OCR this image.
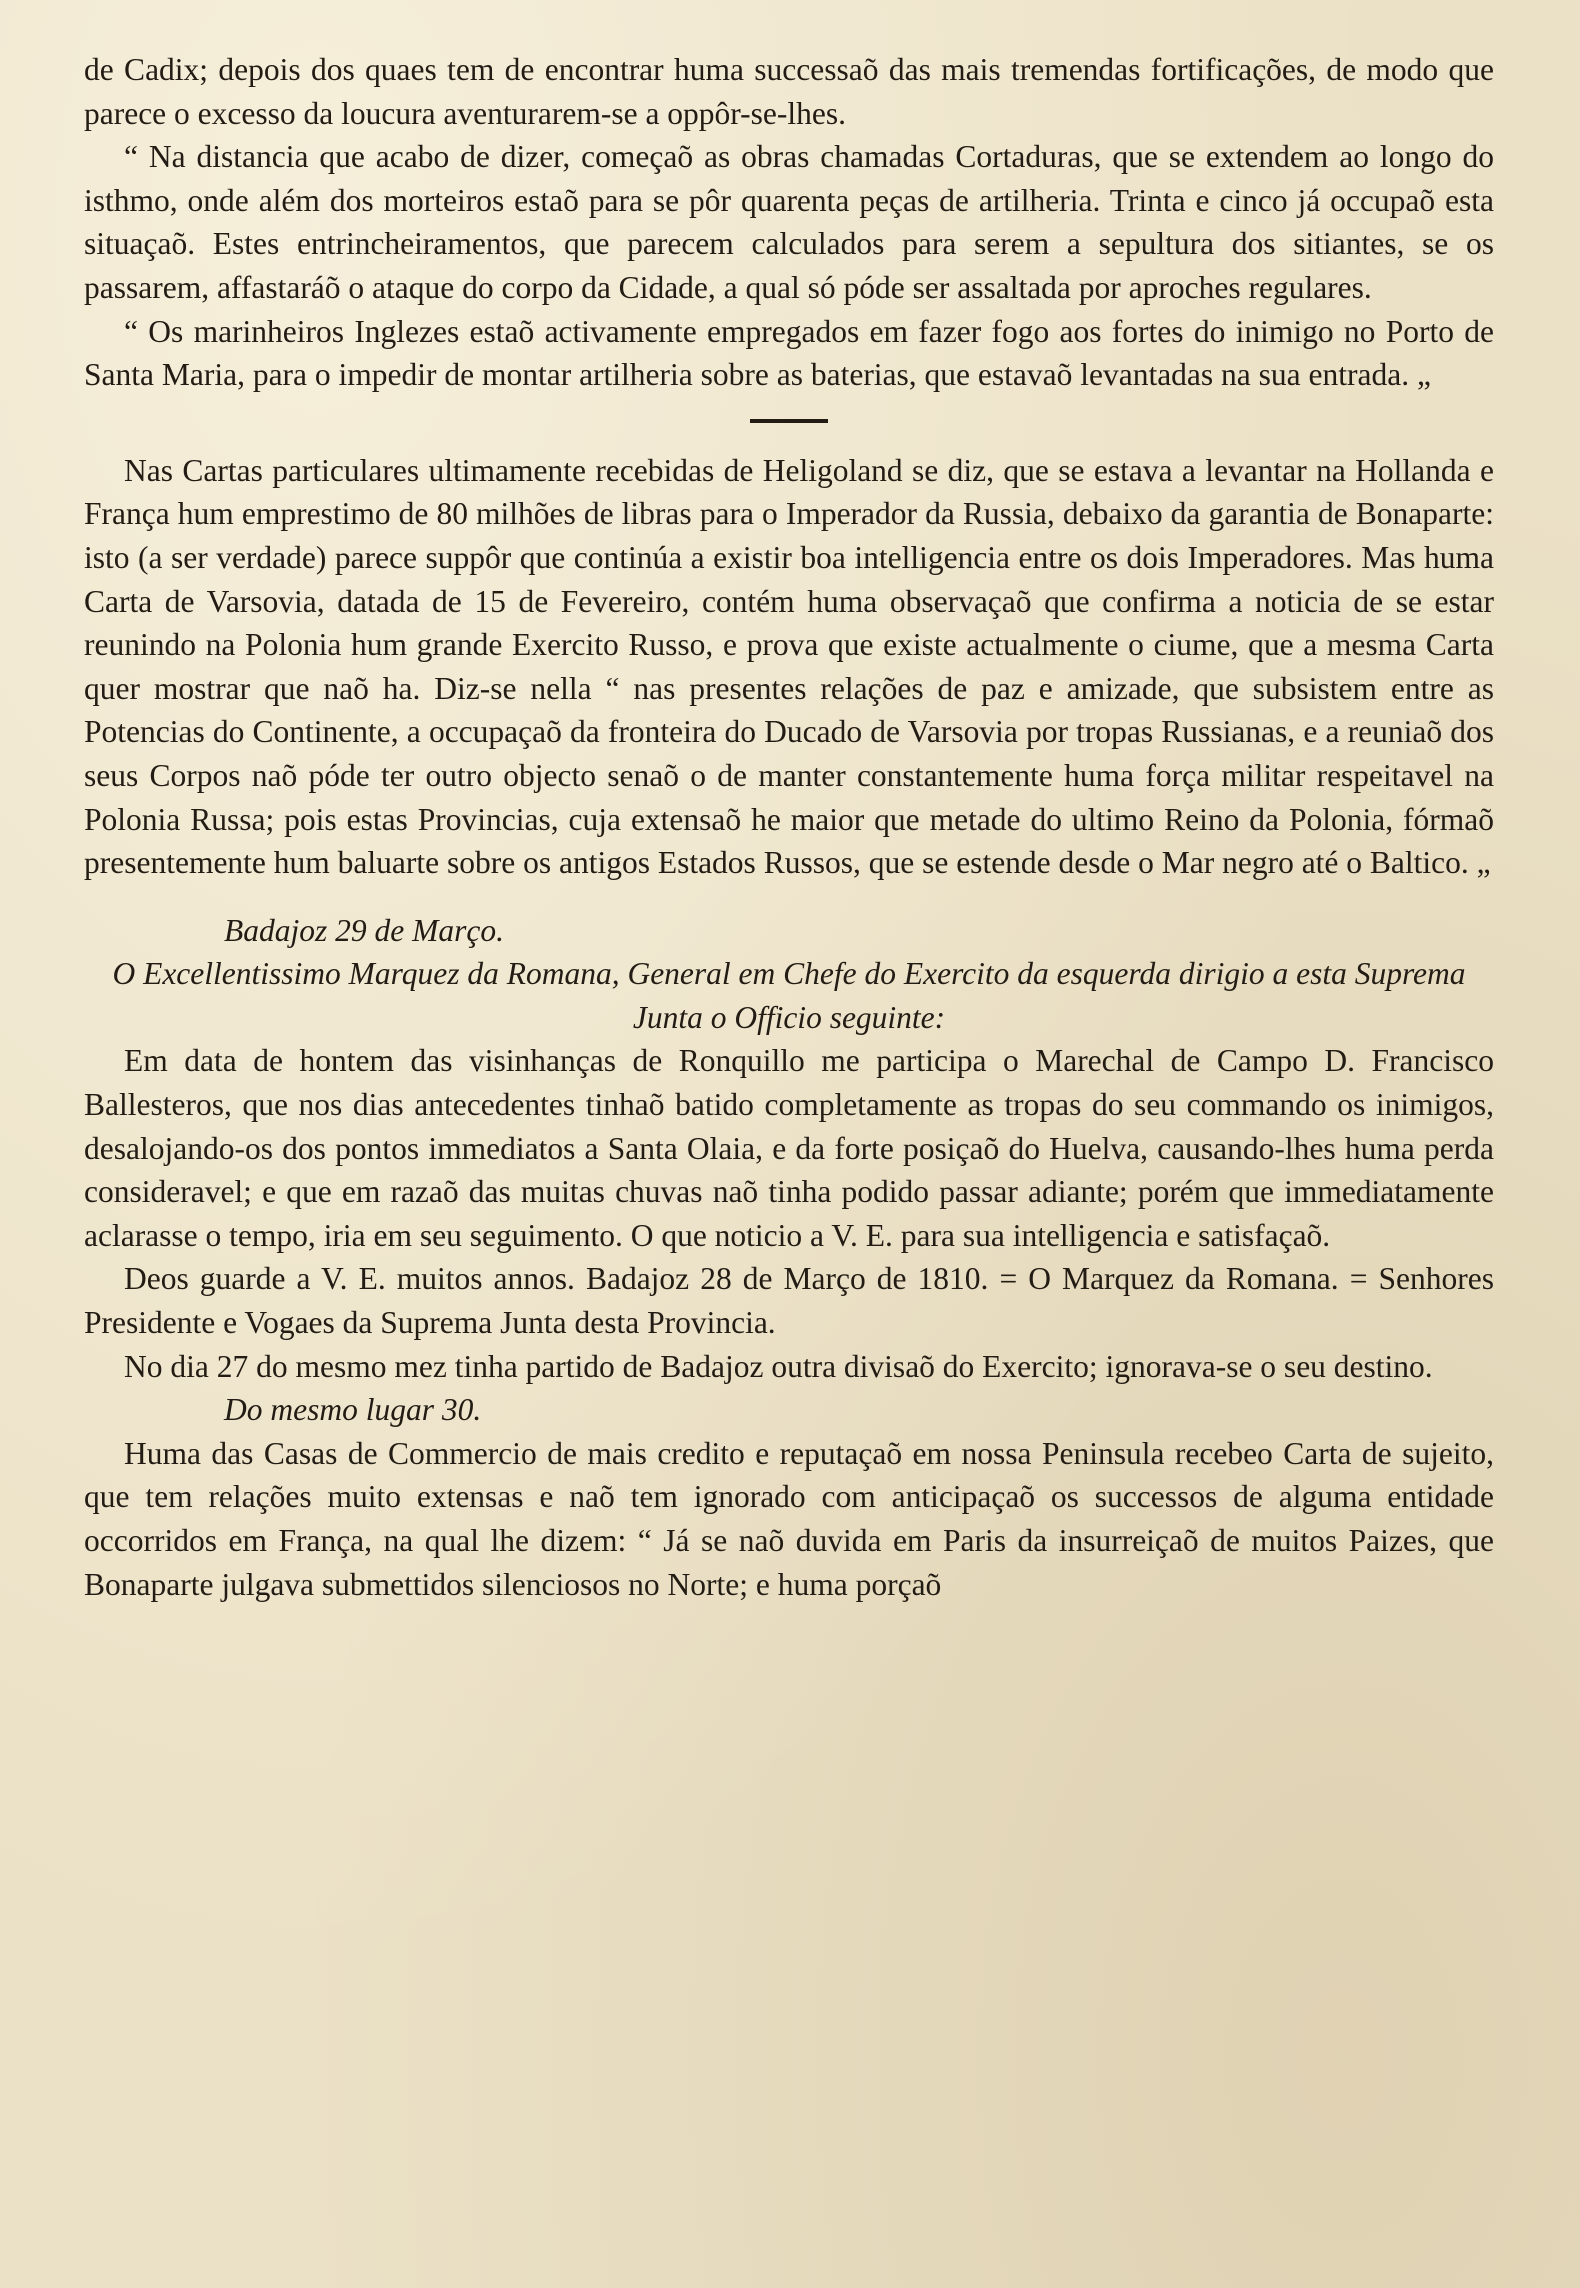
de Cadix; depois dos quaes tem de encontrar huma successaõ das mais tremendas fortificações, de modo que parece o excesso da loucura aventurarem-se a oppôr-se-lhes.

“ Na distancia que acabo de dizer, começaõ as obras chamadas Cortaduras, que se extendem ao longo do isthmo, onde além dos morteiros estaõ para se pôr quarenta peças de artilheria. Trinta e cinco já occupaõ esta situaçaõ. Estes entrincheiramentos, que parecem calculados para serem a sepultura dos sitiantes, se os passarem, affastaráõ o ataque do corpo da Cidade, a qual só póde ser assaltada por aproches regulares.

“ Os marinheiros Inglezes estaõ activamente empregados em fazer fogo aos fortes do inimigo no Porto de Santa Maria, para o impedir de montar artilheria sobre as baterias, que estavaõ levantadas na sua entrada. „

Nas Cartas particulares ultimamente recebidas de Heligoland se diz, que se estava a levantar na Hollanda e França hum emprestimo de 80 milhões de libras para o Imperador da Russia, debaixo da garantia de Bonaparte: isto (a ser verdade) parece suppôr que continúa a existir boa intelligencia entre os dois Imperadores. Mas huma Carta de Varsovia, datada de 15 de Fevereiro, contém huma observaçaõ que confirma a noticia de se estar reunindo na Polonia hum grande Exercito Russo, e prova que existe actualmente o ciume, que a mesma Carta quer mostrar que naõ ha. Diz-se nella “ nas presentes relações de paz e amizade, que subsistem entre as Potencias do Continente, a occupaçaõ da fronteira do Ducado de Varsovia por tropas Russianas, e a reuniaõ dos seus Corpos naõ póde ter outro objecto senaõ o de manter constantemente huma força militar respeitavel na Polonia Russa; pois estas Provincias, cuja extensaõ he maior que metade do ultimo Reino da Polonia, fórmaõ presentemente hum baluarte sobre os antigos Estados Russos, que se estende desde o Mar negro até o Baltico. „

Badajoz 29 de Março.

O Excellentissimo Marquez da Romana, General em Chefe do Exercito da esquerda dirigio a esta Suprema Junta o Officio seguinte:

Em data de hontem das visinhanças de Ronquillo me participa o Marechal de Campo D. Francisco Ballesteros, que nos dias antecedentes tinhaõ batido completamente as tropas do seu commando os inimigos, desalojando-os dos pontos immediatos a Santa Olaia, e da forte posiçaõ do Huelva, causando-lhes huma perda consideravel; e que em razaõ das muitas chuvas naõ tinha podido passar adiante; porém que immediatamente aclarasse o tempo, iria em seu seguimento. O que noticio a V. E. para sua intelligencia e satisfaçaõ.

Deos guarde a V. E. muitos annos. Badajoz 28 de Março de 1810. = O Marquez da Romana. = Senhores Presidente e Vogaes da Suprema Junta desta Provincia.

No dia 27 do mesmo mez tinha partido de Badajoz outra divisaõ do Exercito; ignorava-se o seu destino.

Do mesmo lugar 30.

Huma das Casas de Commercio de mais credito e reputaçaõ em nossa Peninsula recebeo Carta de sujeito, que tem relações muito extensas e naõ tem ignorado com anticipaçaõ os successos de alguma entidade occorridos em França, na qual lhe dizem: “ Já se naõ duvida em Paris da insurreiçaõ de muitos Paizes, que Bonaparte julgava submettidos silenciosos no Norte; e huma porçaõ
